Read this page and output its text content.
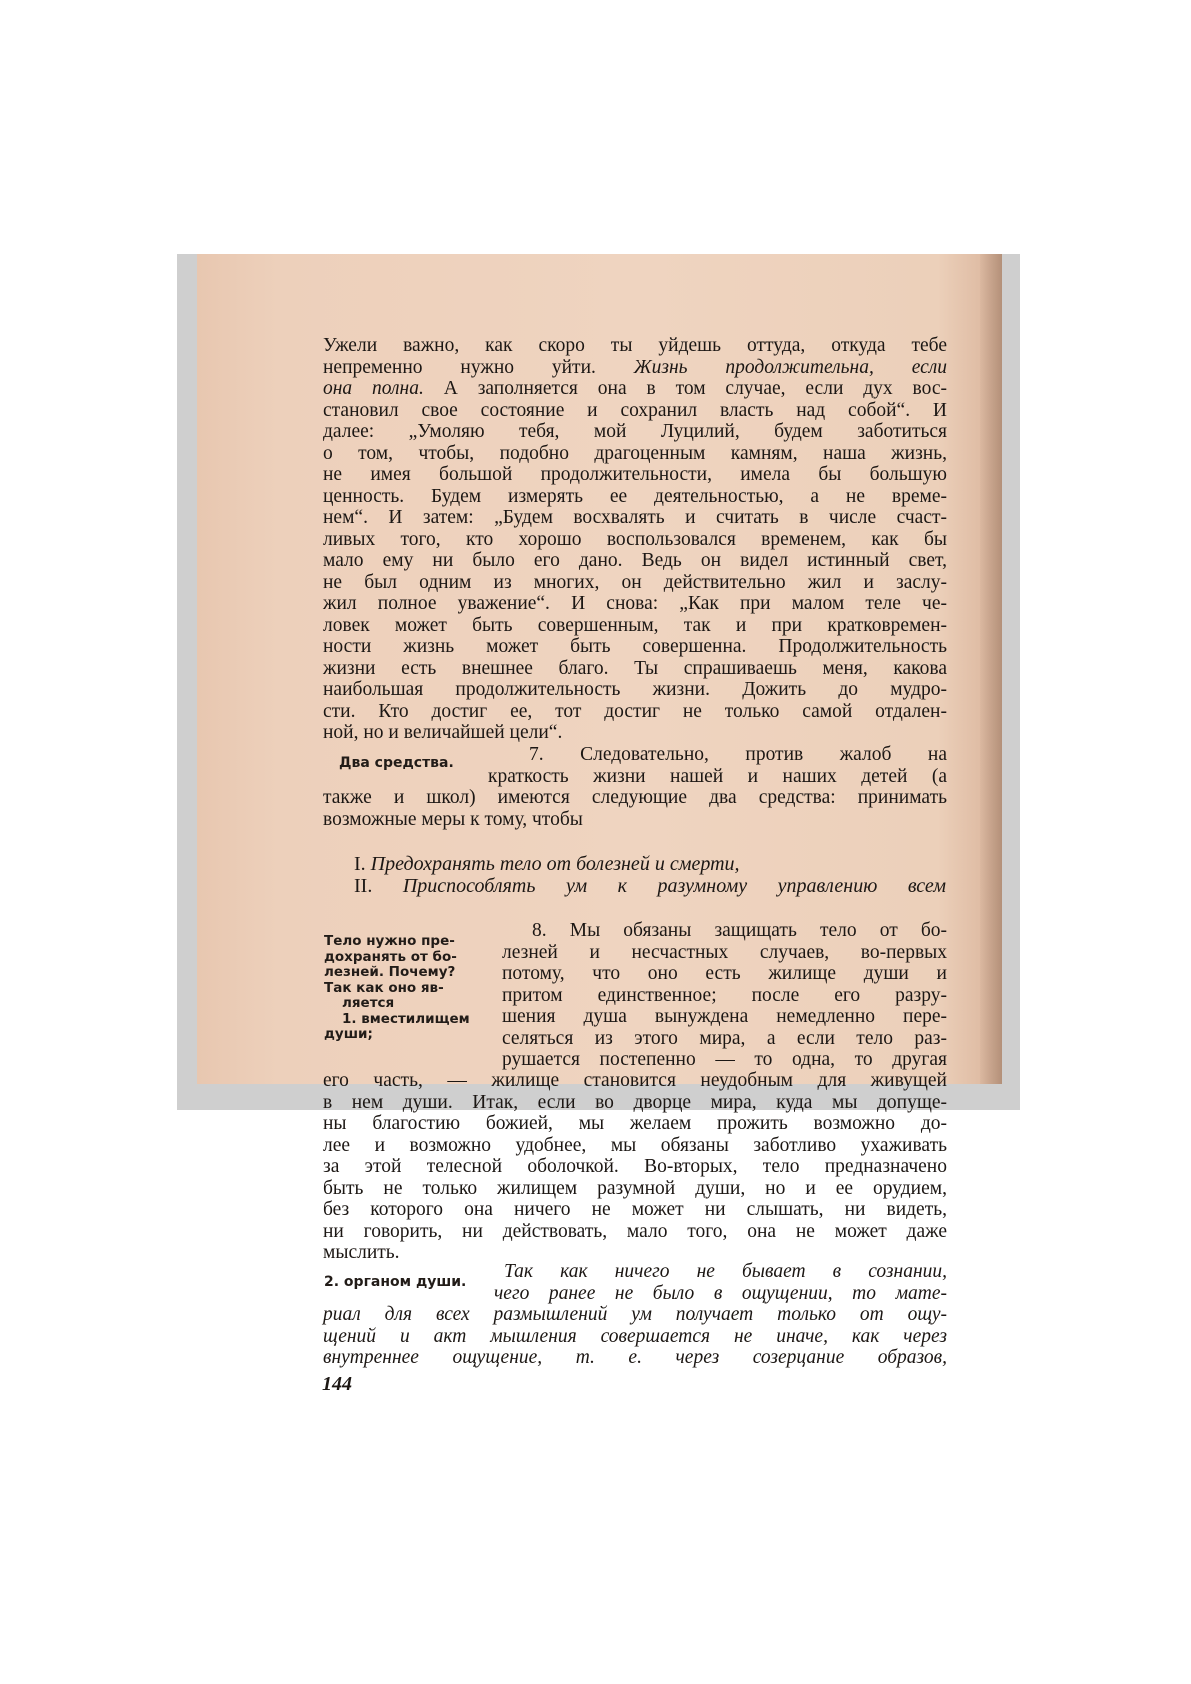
Ужели важно, как скоро ты уйдешь оттуда, откуда тебе
непременно нужно уйти. Жизнь продолжительна, если
она полна. А заполняется она в том случае, если дух вос-
становил свое состояние и сохранил власть над собой“. И
далее: „Умоляю тебя, мой Луцилий, будем заботиться
о том, чтобы, подобно драгоценным камням, наша жизнь,
не имея большой продолжительности, имела бы большую
ценность. Будем измерять ее деятельностью, а не време-
нем“. И затем: „Будем восхвалять и считать в числе счаст-
ливых того, кто хорошо воспользовался временем, как бы
мало ему ни было его дано. Ведь он видел истинный свет,
не был одним из многих, он действительно жил и заслу-
жил полное уважение“. И снова: „Как при малом теле че-
ловек может быть совершенным, так и при кратковремен-
ности жизнь может быть совершенна. Продолжительность
жизни есть внешнее благо. Ты спрашиваешь меня, какова
наибольшая продолжительность жизни. Дожить до мудро-
сти. Кто достиг ее, тот достиг не только самой отдален-
ной, но и величайшей цели“.
Два средства.	7. Следовательно, против жалоб на
краткость жизни нашей и наших детей (а
также и школ) имеются следующие два средства: принимать
возможные меры к тому, чтобы
I. Предохранять тело от болезней и смерти,
II. Приспособлять ум к разумному управлению всем
Тело нужно пре-
дохранять от бо-
лезней. Почему?
Так как оно яв-
ляется
1. вместилищем
души;
8. Мы обязаны защищать тело от бо-
лезней и несчастных случаев, во-первых
потому, что оно есть жилище души и
притом единственное; после его разру-
шения душа вынуждена немедленно пере-
селяться из этого мира, а если тело раз-
рушается постепенно — то одна, то другая
его часть, — жилище становится неудобным для живущей
в нем души. Итак, если во дворце мира, куда мы допуще-
ны благостию божией, мы желаем прожить возможно до-
лее и возможно удобнее, мы обязаны заботливо ухаживать
за этой телесной оболочкой. Во-вторых, тело предназначено
быть не только жилищем разумной души, но и ее орудием,
без которого она ничего не может ни слышать, ни видеть,
ни говорить, ни действовать, мало того, она не может даже
мыслить.
2. органом души.	Так как ничего не бывает в сознании,
чего ранее не было в ощущении, то мате-
риал для всех размышлений ум получает только от ощу-
щений и акт мышления совершается не иначе, как через
внутреннее ощущение, т. е. через созерцание образов,
144
